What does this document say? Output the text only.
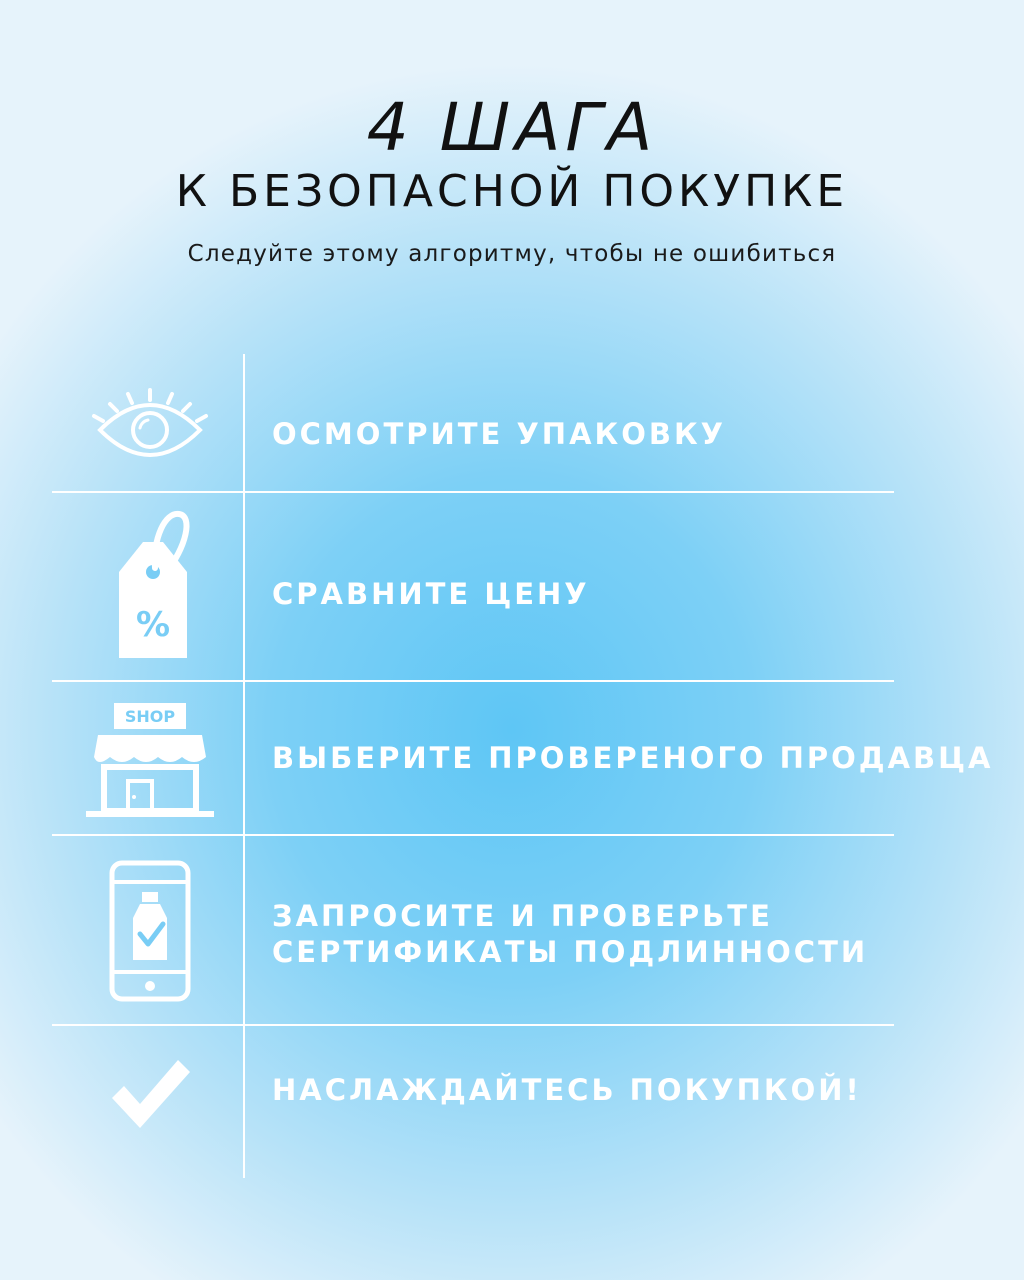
4 ШАГА
К БЕЗОПАСНОЙ ПОКУПКЕ
Следуйте этому алгоритму, чтобы не ошибиться
ОСМОТРИТЕ УПАКОВКУ
%
СРАВНИТЕ ЦЕНУ
SHOP
ВЫБЕРИТЕ ПРОВЕРЕНОГО ПРОДАВЦА
ЗАПРОСИТЕ И ПРОВЕРЬТЕ
СЕРТИФИКАТЫ ПОДЛИННОСТИ
НАСЛАЖДАЙТЕСЬ ПОКУПКОЙ!
